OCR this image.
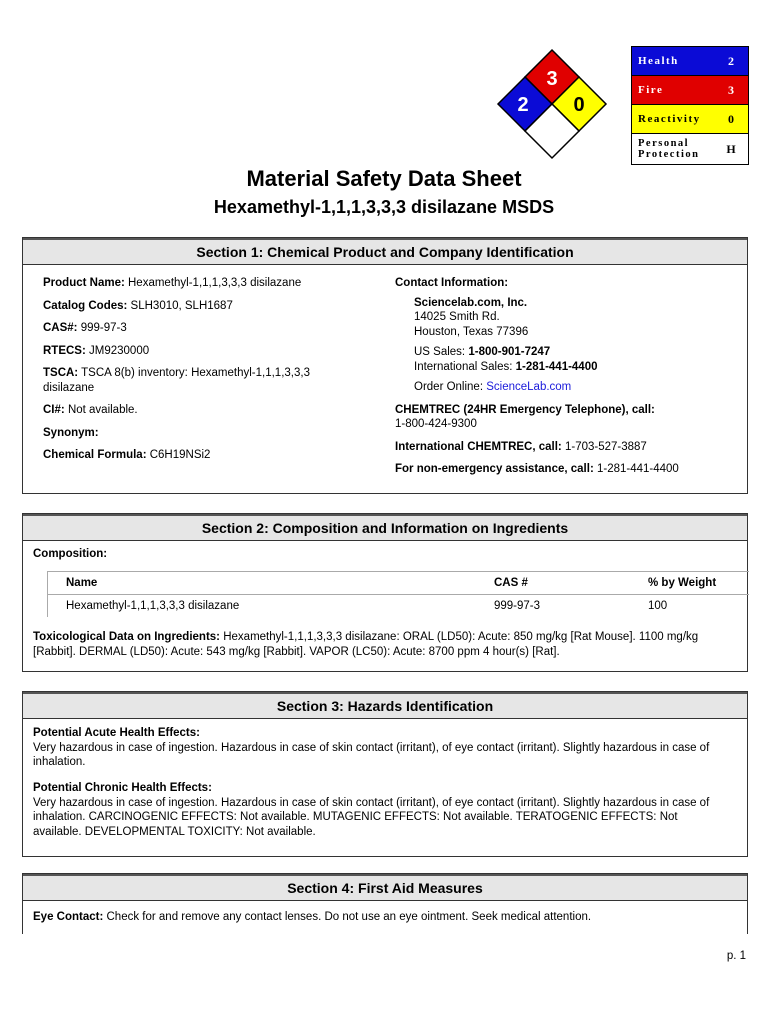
3
2 0
Health	2
Fire	3
Reactivity	0
Personal
Protection	H
Material Safety Data Sheet
Hexamethyl-1,1,1,3,3,3 disilazane MSDS
Section 1: Chemical Product and Company Identification
Product Name: Hexamethyl-1,1,1,3,3,3 disilazane
Catalog Codes: SLH3010, SLH1687
CAS#: 999-97-3
RTECS: JM9230000
TSCA: TSCA 8(b) inventory: Hexamethyl-1,1,1,3,3,3 disilazane
CI#: Not available.
Synonym:
Chemical Formula: C6H19NSi2
Contact Information:
Sciencelab.com, Inc.
14025 Smith Rd.
Houston, Texas 77396
US Sales: 1-800-901-7247
International Sales: 1-281-441-4400
Order Online: ScienceLab.com
CHEMTREC (24HR Emergency Telephone), call:
1-800-424-9300
International CHEMTREC, call: 1-703-527-3887
For non-emergency assistance, call: 1-281-441-4400
Section 2: Composition and Information on Ingredients
Composition:
Name	CAS #	% by Weight
Hexamethyl-1,1,1,3,3,3 disilazane	999-97-3	100
Toxicological Data on Ingredients: Hexamethyl-1,1,1,3,3,3 disilazane: ORAL (LD50): Acute: 850 mg/kg [Rat Mouse]. 1100 mg/kg [Rabbit]. DERMAL (LD50): Acute: 543 mg/kg [Rabbit]. VAPOR (LC50): Acute: 8700 ppm 4 hour(s) [Rat].
Section 3: Hazards Identification
Potential Acute Health Effects:
Very hazardous in case of ingestion. Hazardous in case of skin contact (irritant), of eye contact (irritant). Slightly hazardous in case of inhalation.
Potential Chronic Health Effects:
Very hazardous in case of ingestion. Hazardous in case of skin contact (irritant), of eye contact (irritant). Slightly hazardous in case of inhalation. CARCINOGENIC EFFECTS: Not available. MUTAGENIC EFFECTS: Not available. TERATOGENIC EFFECTS: Not available. DEVELOPMENTAL TOXICITY: Not available.
Section 4: First Aid Measures
Eye Contact: Check for and remove any contact lenses. Do not use an eye ointment. Seek medical attention.
p. 1
